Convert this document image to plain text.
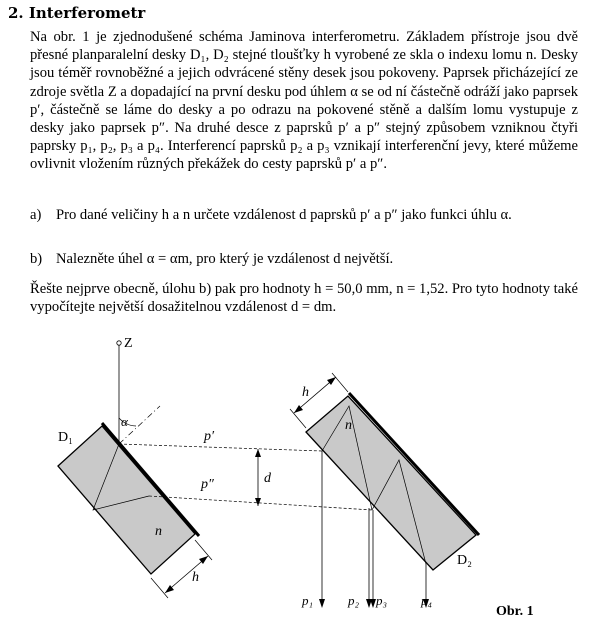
2. Interferometr

Na obr. 1 je zjednodušené schéma Jaminova interferometru. Základem přístroje jsou dvě přesné planparalelní desky D₁, D₂ stejné tloušťky h vyrobené ze skla o indexu lomu n. Desky jsou téměř rovnoběžné a jejich odvrácené stěny desek jsou pokoveny. Paprsek přicházející ze zdroje světla Z a dopadající na první desku pod úhlem α se od ní částečně odráží jako paprsek p′, částečně se láme do desky a po odrazu na pokovené stěně a dalším lomu vystupuje z desky jako paprsek p″. Na druhé desce z paprsků p′ a p″ stejný způsobem vzniknou čtyři paprsky p₁, p₂, p₃ a p₄. Interferencí paprsků p₂ a p₃ vznikají interferenční jevy, které můžeme ovlivnit vložením různých překážek do cesty paprsků p′ a p″.

a) Pro dané veličiny h a n určete vzdálenost d paprsků p′ a p″ jako funkci úhlu α.
b) Nalezněte úhel α = αm, pro který je vzdálenost d největší.

Řešte nejprve obecně, úlohu b) pak pro hodnoty h = 50,0 mm, n = 1,52. Pro tyto hodnoty také vypočítejte největší dosažitelnou vzdálenost d = dm.

Z
α
D₁
D₂
n
n
h
h
p′
p″	d
p₁	p₂ p₃	p₄
Obr. 1
